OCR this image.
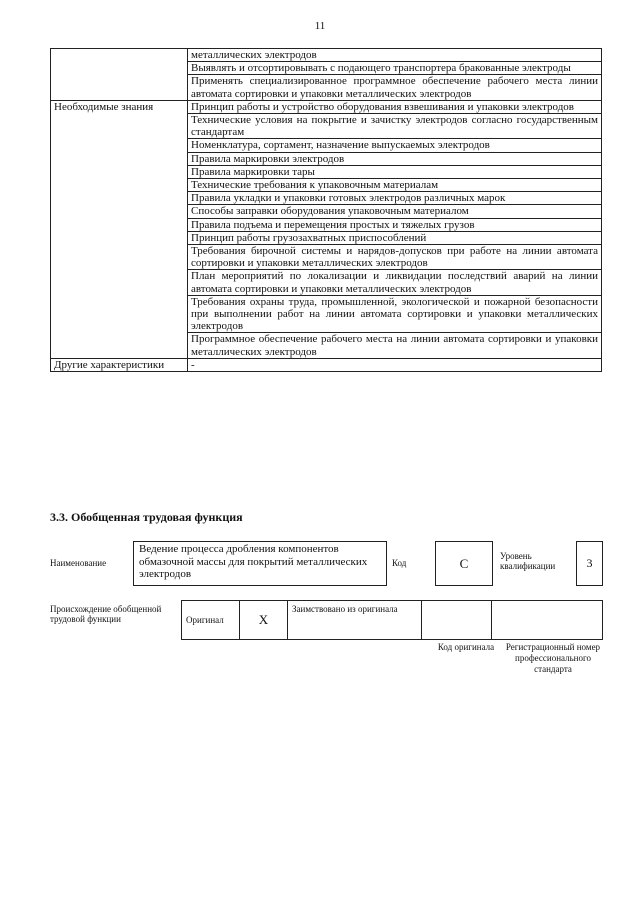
11
	металлических электродов
	Выявлять и отсортировывать с подающего транспортера бракованные электроды
	Применять специализированное программное обеспечение рабочего места линии автомата сортировки и упаковки металлических электродов
Необходимые знания	Принцип работы и устройство оборудования взвешивания и упаковки электродов
	Технические условия на покрытие и зачистку электродов согласно государственным стандартам
	Номенклатура, сортамент, назначение выпускаемых электродов
	Правила маркировки электродов
	Правила маркировки тары
	Технические требования к упаковочным материалам
	Правила укладки и упаковки готовых электродов различных марок
	Способы заправки оборудования упаковочным материалом
	Правила подъема и перемещения простых и тяжелых грузов
	Принцип работы грузозахватных приспособлений
	Требования бирочной системы и нарядов-допусков при работе на линии автомата сортировки и упаковки металлических электродов
	План мероприятий по локализации и ликвидации последствий аварий на линии автомата сортировки и упаковки металлических электродов
	Требования охраны труда, промышленной, экологической и пожарной безопасности при выполнении работ на линии автомата сортировки и упаковки металлических электродов
	Программное обеспечение рабочего места на линии автомата сортировки и упаковки металлических электродов
Другие характеристики	-
3.3. Обобщенная трудовая функция
Наименование
Ведение процесса дробления компонентов обмазочной массы для покрытий металлических электродов
Код	C	Уровень квалификации	3
Происхождение обобщенной трудовой функции	Оригинал	X	Заимствовано из оригинала		
Код оригинала	Регистрационный номер профессионального стандарта
